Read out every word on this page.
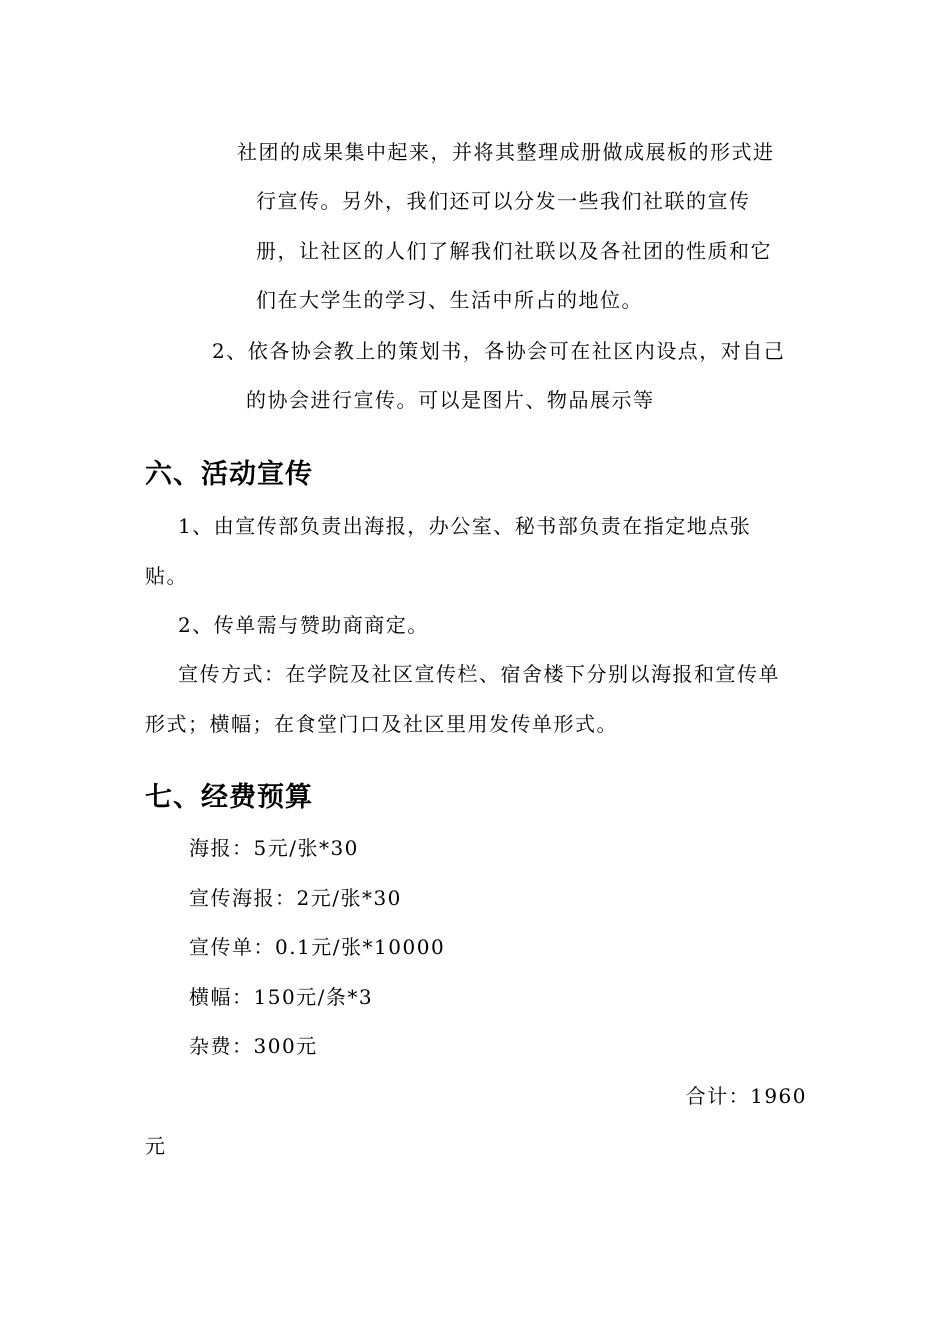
社团的成果集中起来，并将其整理成册做成展板的形式进
行宣传。另外，我们还可以分发一些我们社联的宣传
册，让社区的人们了解我们社联以及各社团的性质和它
们在大学生的学习、生活中所占的地位。
2、依各协会教上的策划书，各协会可在社区内设点，对自己
的协会进行宣传。可以是图片、物品展示等
六、活动宣传
1、由宣传部负责出海报，办公室、秘书部负责在指定地点张
贴。
2、传单需与赞助商商定。
宣传方式：在学院及社区宣传栏、宿舍楼下分别以海报和宣传单
形式；横幅；在食堂门口及社区里用发传单形式。
七、经费预算
海报：5元/张*30
宣传海报：2元/张*30
宣传单：0.1元/张*10000
横幅：150元/条*3
杂费：300元
合计：1960
元
